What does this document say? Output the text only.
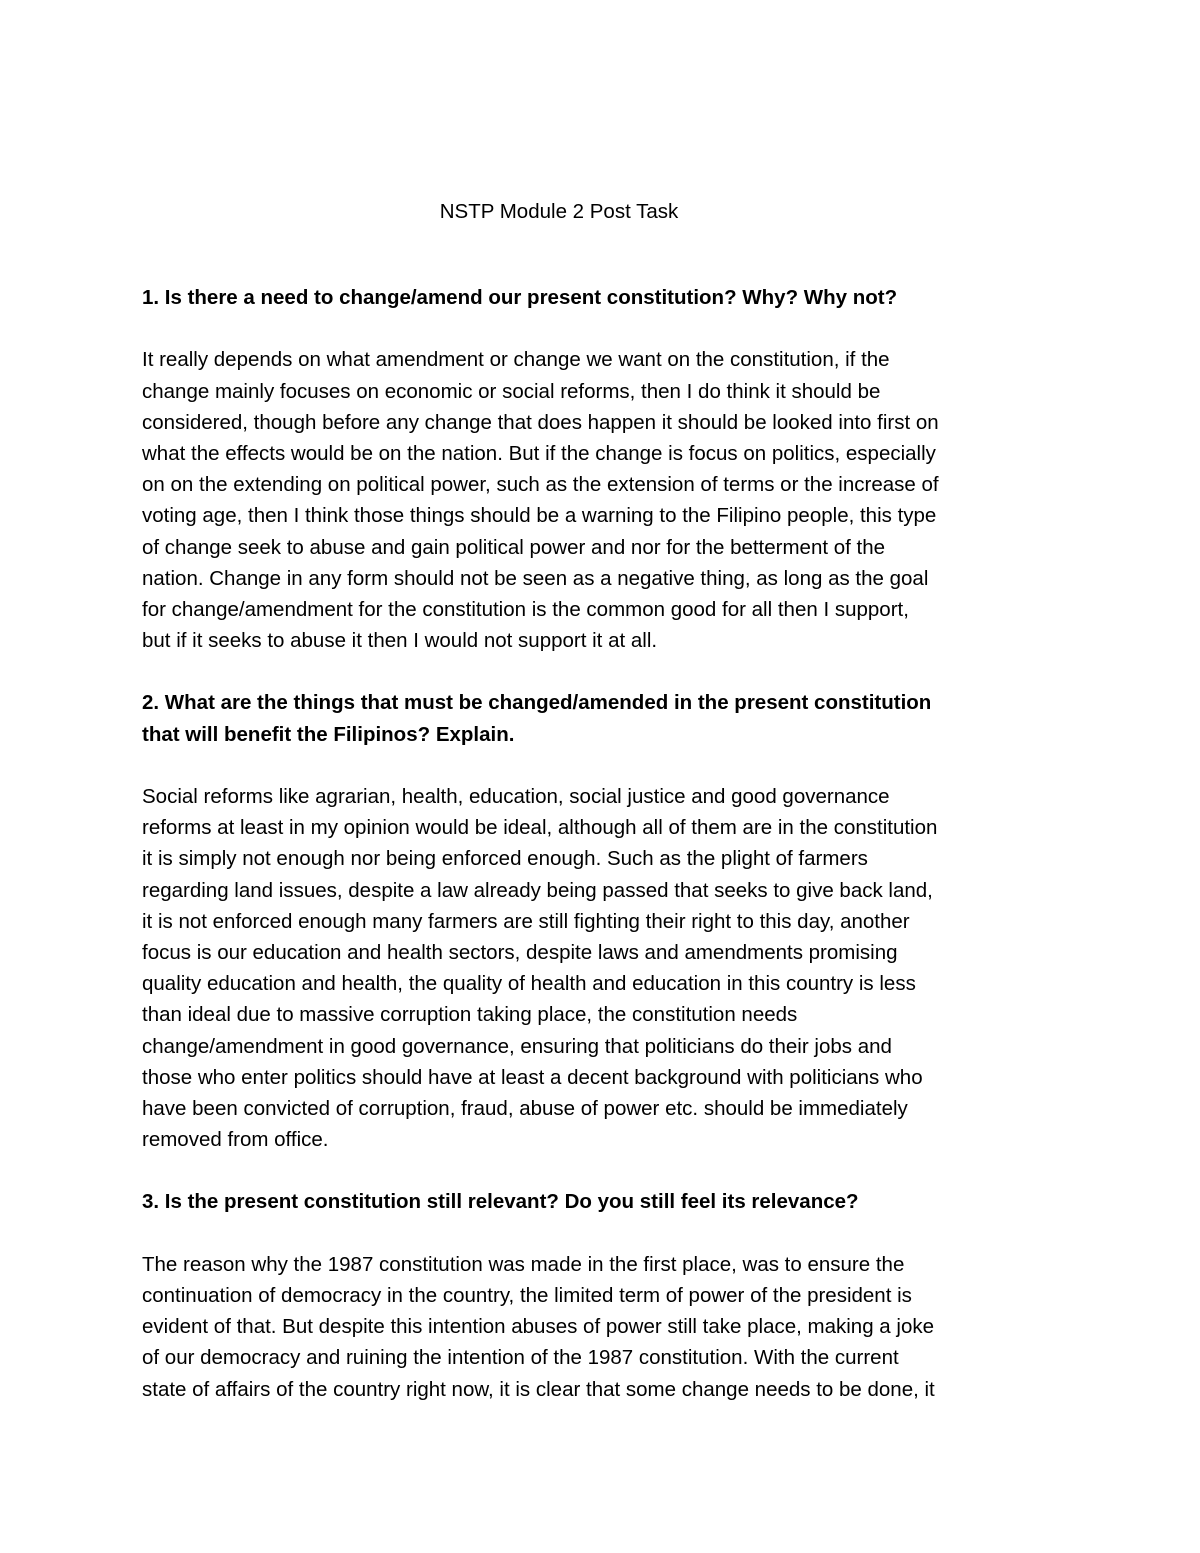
NSTP Module 2 Post Task

1. Is there a need to change/amend our present constitution? Why? Why not?

It really depends on what amendment or change we want on the constitution, if the
change mainly focuses on economic or social reforms, then I do think it should be
considered, though before any change that does happen it should be looked into first on
what the effects would be on the nation. But if the change is focus on politics, especially
on on the extending on political power, such as the extension of terms or the increase of
voting age, then I think those things should be a warning to the Filipino people, this type
of change seek to abuse and gain political power and nor for the betterment of the
nation. Change in any form should not be seen as a negative thing, as long as the goal
for change/amendment for the constitution is the common good for all then I support,
but if it seeks to abuse it then I would not support it at all.

2. What are the things that must be changed/amended in the present constitution
that will benefit the Filipinos? Explain.

Social reforms like agrarian, health, education, social justice and good governance
reforms at least in my opinion would be ideal, although all of them are in the constitution
it is simply not enough nor being enforced enough. Such as the plight of farmers
regarding land issues, despite a law already being passed that seeks to give back land,
it is not enforced enough many farmers are still fighting their right to this day, another
focus is our education and health sectors, despite laws and amendments promising
quality education and health, the quality of health and education in this country is less
than ideal due to massive corruption taking place, the constitution needs
change/amendment in good governance, ensuring that politicians do their jobs and
those who enter politics should have at least a decent background with politicians who
have been convicted of corruption, fraud, abuse of power etc. should be immediately
removed from office.

3. Is the present constitution still relevant? Do you still feel its relevance?

The reason why the 1987 constitution was made in the first place, was to ensure the
continuation of democracy in the country, the limited term of power of the president is
evident of that. But despite this intention abuses of power still take place, making a joke
of our democracy and ruining the intention of the 1987 constitution. With the current
state of affairs of the country right now, it is clear that some change needs to be done, it
